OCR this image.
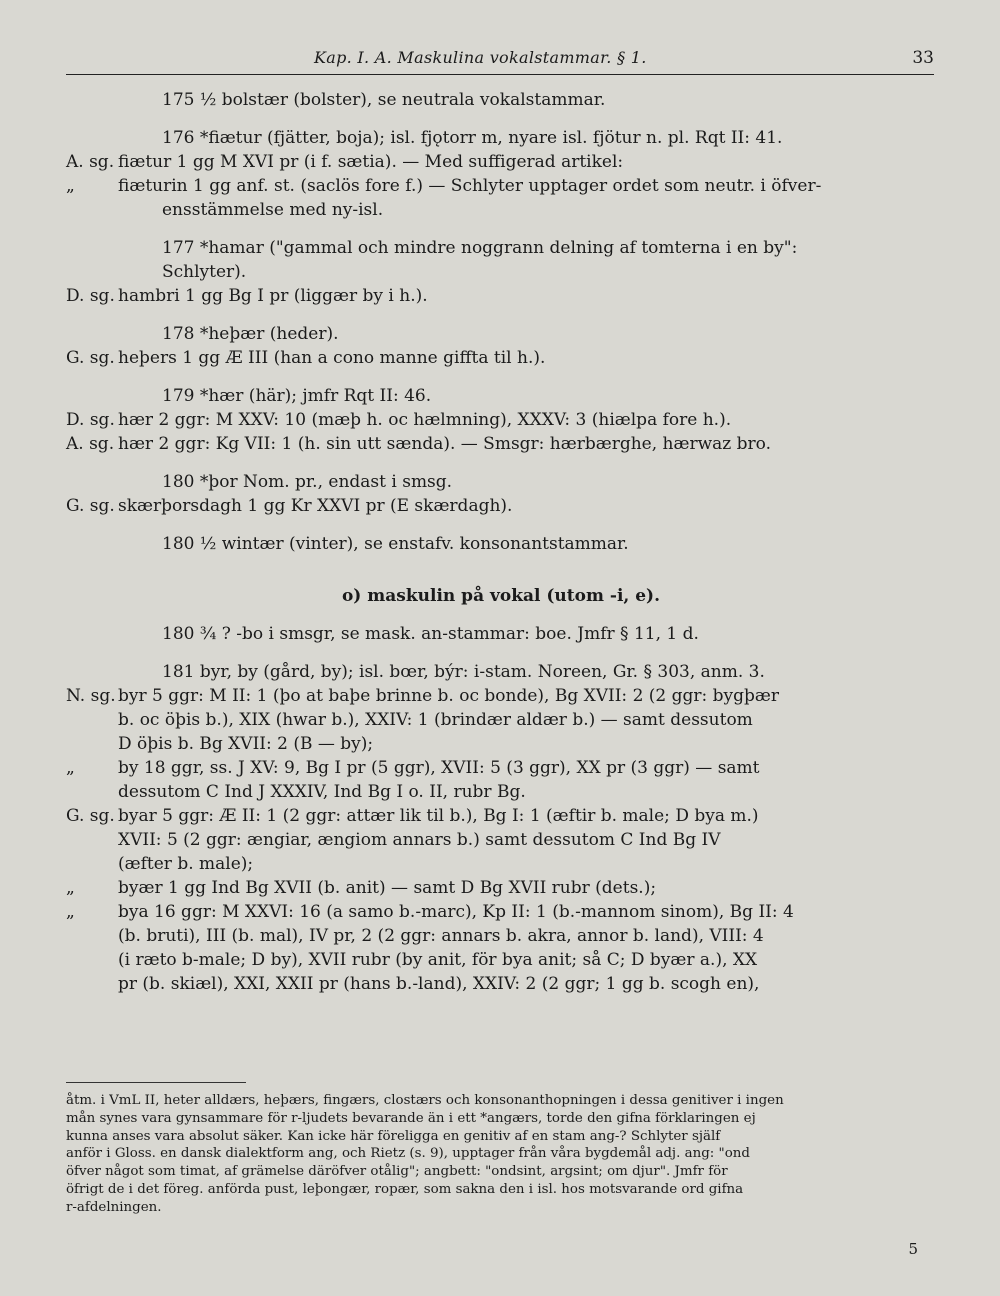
Kap. I. A. Maskulina vokalstammar. § 1.	33
175 ½ bolstær (bolster), se neutrala vokalstammar.
176 *fiætur (fjätter, boja); isl. fjǫtorr m, nyare isl. fjötur n. pl. Rqt II: 41.
A. sg. fiætur 1 gg M XVI pr (i f. sætia). — Med suffigerad artikel:
„	fiæturin 1 gg anf. st. (saclös fore f.) — Schlyter upptager ordet som neutr. i öfver-
ensstämmelse med ny-isl.
177 *hamar ("gammal och mindre noggrann delning af tomterna i en by":
Schlyter).
D. sg. hambri 1 gg Bg I pr (liggær by i h.).
178 *heþær (heder).
G. sg. heþers 1 gg Æ III (han a cono manne giffta til h.).
179 *hær (här); jmfr Rqt II: 46.
D. sg. hær 2 ggr: M XXV: 10 (mæþ h. oc hælmning), XXXV: 3 (hiælpa fore h.).
A. sg. hær 2 ggr: Kg VII: 1 (h. sin utt sænda). — Smsgr: hærbærghe, hærwaz bro.
180 *þor Nom. pr., endast i smsg.
G. sg. skærþorsdagh 1 gg Kr XXVI pr (E skærdagh).
180 ½ wintær (vinter), se enstafv. konsonantstammar.
o) maskulin på vokal (utom -i, e).
180 ¾ ? -bo i smsgr, se mask. an-stammar: boe. Jmfr § 11, 1 d.
181 byr, by (gård, by); isl. bœr, býr: i-stam. Noreen, Gr. § 303, anm. 3.
N. sg. byr 5 ggr: M II: 1 (þo at baþe brinne b. oc bonde), Bg XVII: 2 (2 ggr: bygþær
b. oc öþis b.), XIX (hwar b.), XXIV: 1 (brindær aldær b.) — samt dessutom
D öþis b. Bg XVII: 2 (B — by);
„	by 18 ggr, ss. J XV: 9, Bg I pr (5 ggr), XVII: 5 (3 ggr), XX pr (3 ggr) — samt
dessutom C Ind J XXXIV, Ind Bg I o. II, rubr Bg.
G. sg. byar 5 ggr: Æ II: 1 (2 ggr: attær lik til b.), Bg I: 1 (æftir b. male; D bya m.)
XVII: 5 (2 ggr: ængiar, ængiom annars b.) samt dessutom C Ind Bg IV
(æfter b. male);
„	byær 1 gg Ind Bg XVII (b. anit) — samt D Bg XVII rubr (dets.);
„	bya 16 ggr: M XXVI: 16 (a samo b.-marc), Kp II: 1 (b.-mannom sinom), Bg II: 4
(b. bruti), III (b. mal), IV pr, 2 (2 ggr: annars b. akra, annor b. land), VIII: 4
(i ræto b-male; D by), XVII rubr (by anit, för bya anit; så C; D byær a.), XX
pr (b. skiæl), XXI, XXII pr (hans b.-land), XXIV: 2 (2 ggr; 1 gg b. scogh en),
åtm. i VmL II, heter alldærs, heþærs, fingærs, clostærs och konsonanthopningen i dessa genitiver i ingen
mån synes vara gynsammare för r-ljudets bevarande än i ett *angærs, torde den gifna förklaringen ej
kunna anses vara absolut säker. Kan icke här föreligga en genitiv af en stam ang-? Schlyter själf
anför i Gloss. en dansk dialektform ang, och Rietz (s. 9), upptager från våra bygdemål adj. ang: "ond
öfver något som timat, af grämelse däröfver otålig"; angbett: "ondsint, argsint; om djur". Jmfr för
öfrigt de i det föreg. anförda pust, leþongær, ropær, som sakna den i isl. hos motsvarande ord gifna
r-afdelningen.
5
